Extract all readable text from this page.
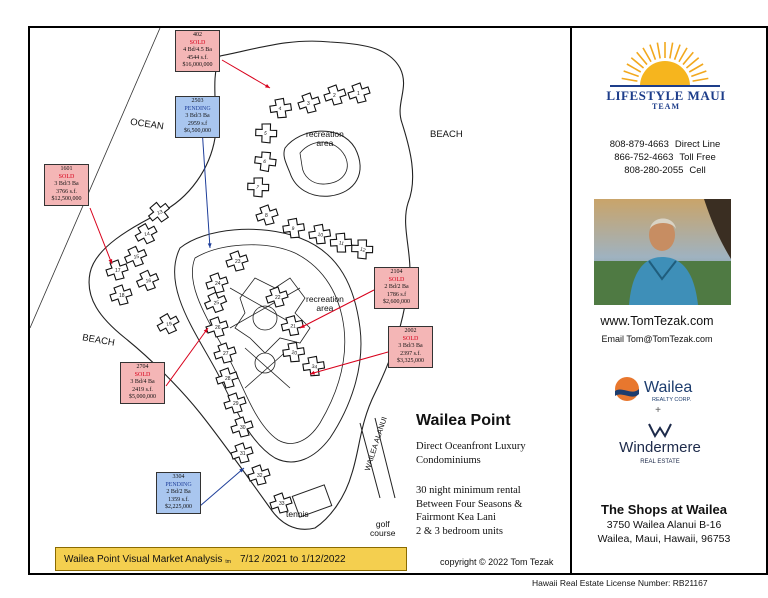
1
2
3
4
5
6
7
8
9
10
11
12
13
14
15
16
17
18
19
20
21
22
23
24
25
26
27
28
29
30
31
32
33
34
OCEAN
BEACH
BEACH
recreation
area
recreation
area
WAILEA ALANUI
tennis
golf
course
402
SOLD
4 Bd/4.5 Ba
4544 s.f.
$16,000,000
2503
PENDING
3 Bd/3 Ba
2959 s.f
$6,500,000
1601
SOLD
3 Bd/3 Ba
3766 s.f.
$12,500,000
2104
SOLD
2 Bd/2 Ba
1786 s.f
$2,600,000
2002
SOLD
3 Bd/3 Ba
2397 s.f.
$3,325,000
2704
SOLD
3 Bd/4 Ba
2419 s.f.
$5,000,000
3304
PENDING
2 Bd/2 Ba
1359 s.f.
$2,225,000
Wailea Point
Direct Oceanfront Luxury Condominiums
30 night minimum rental
Between Four Seasons &
Fairmont Kea Lani
2 & 3 bedroom units
Wailea Point Visual Market Analysis tm 7/12 /2021 to 1/12/2022	copyright © 2022 Tom Tezak
LIFESTYLE MAUI
TEAM
808-879-4663 Direct Line
866-752-4663 Toll Free
808-280-2055 Cell
www.TomTezak.com
Email Tom@TomTezak.com
Wailea
REALTY CORP.
+
Windermere
REAL ESTATE
The Shops at Wailea
3750 Wailea Alanui B-16
Wailea, Maui, Hawaii, 96753
Hawaii Real Estate License Number: RB21167
